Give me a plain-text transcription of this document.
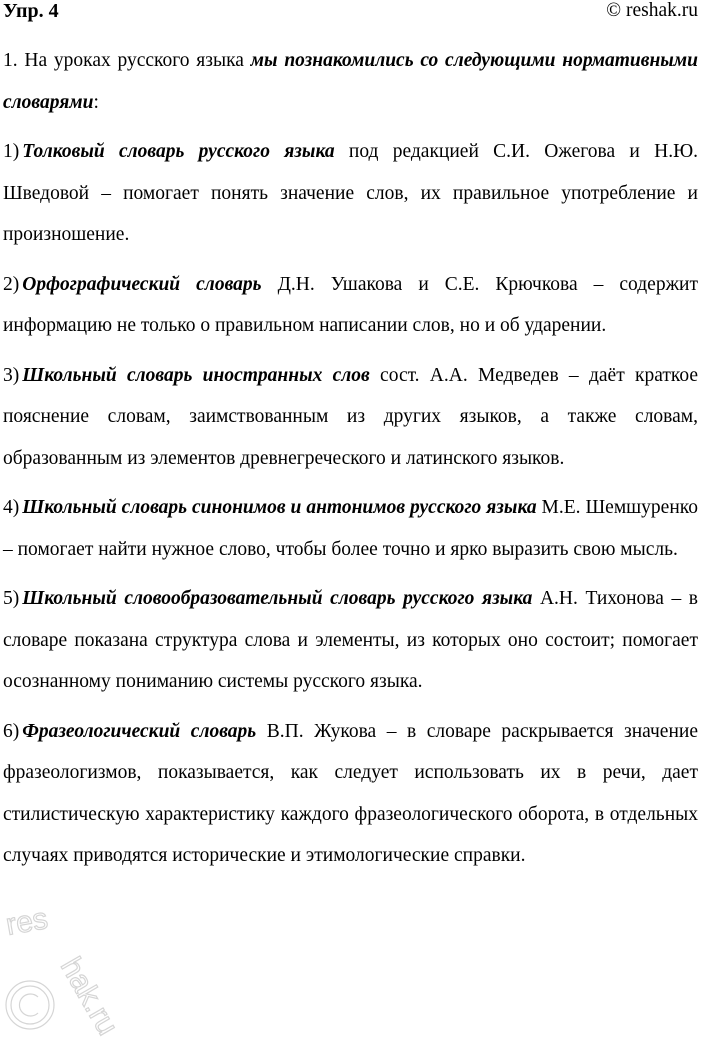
Упр. 4	© reshak.ru

1. На уроках русского языка мы познакомились со следующими нормативными словарями:

1) Толковый словарь русского языка под редакцией С.И. Ожегова и Н.Ю. Шведовой – помогает понять значение слов, их правильное употребление и произношение.

2) Орфографический словарь Д.Н. Ушакова и С.Е. Крючкова – содержит информацию не только о правильном написании слов, но и об ударении.

3) Школьный словарь иностранных слов сост. А.А. Медведев – даёт краткое пояснение словам, заимствованным из других языков, а также словам, образованным из элементов древнегреческого и латинского языков.

4) Школьный словарь синонимов и антонимов русского языка М.Е. Шемшуренко – помогает найти нужное слово, чтобы более точно и ярко выразить свою мысль.

5) Школьный словообразовательный словарь русского языка А.Н. Тихонова – в словаре показана структура слова и элементы, из которых оно состоит; помогает осознанному пониманию системы русского языка.

6) Фразеологический словарь В.П. Жукова – в словаре раскрывается значение фразеологизмов, показывается, как следует использовать их в речи, дает стилистическую характеристику каждого фразеологического оборота, в отдельных случаях приводятся исторические и этимологические справки.

res
hak.ru
